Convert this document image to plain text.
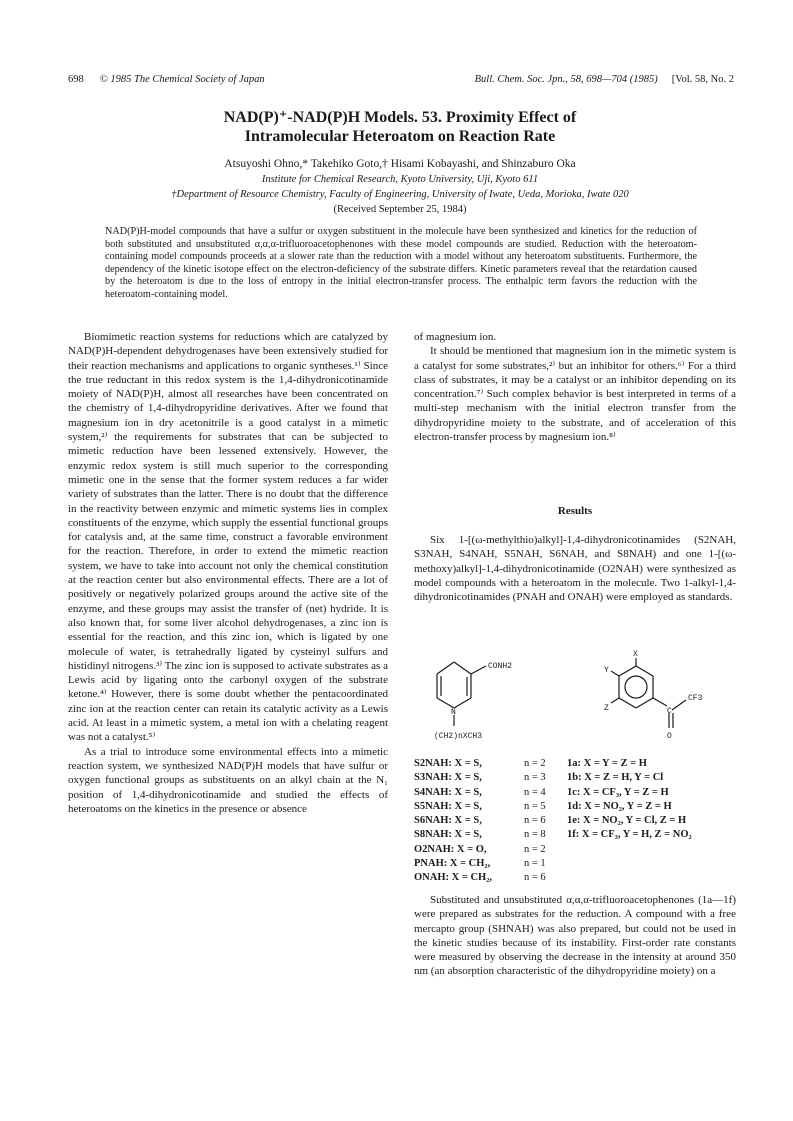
698 © 1985 The Chemical Society of Japan	Bull. Chem. Soc. Jpn., 58, 698—704 (1985) [Vol. 58, No. 2
NAD(P)⁺-NAD(P)H Models. 53. Proximity Effect of
Intramolecular Heteroatom on Reaction Rate
Atsuyoshi Ohno,* Takehiko Goto,† Hisami Kobayashi, and Shinzaburo Oka
Institute for Chemical Research, Kyoto University, Uji, Kyoto 611
†Department of Resource Chemistry, Faculty of Engineering, University of Iwate, Ueda, Morioka, Iwate 020
(Received September 25, 1984)
NAD(P)H-model compounds that have a sulfur or oxygen substituent in the molecule have been synthesized and kinetics for the reduction of both substituted and unsubstituted α,α,α-trifluoroacetophenones with these model compounds are studied. Reduction with the heteroatom-containing model compounds proceeds at a slower rate than the reduction with a model without any heteroatom substituents. Furthermore, the dependency of the kinetic isotope effect on the electron-deficiency of the substrate differs. Kinetic parameters reveal that the retardation caused by the heteroatom is due to the loss of entropy in the initial electron-transfer process. The enthalpic term favors the reduction with the heteroatom-containing model.

Biomimetic reaction systems for reductions which are catalyzed by NAD(P)H-dependent dehydrogenases have been extensively studied for their reaction mechanisms and applications to organic syntheses.¹⁾ Since the true reductant in this redox system is the 1,4-dihydronicotinamide moiety of NAD(P)H, almost all researches have been concentrated on the chemistry of 1,4-dihydropyridine derivatives. After we found that magnesium ion in dry acetonitrile is a good catalyst in a mimetic system,²⁾ the requirements for substrates that can be subjected to mimetic reduction have been lessened extensively. However, the enzymic redox system is still much superior to the corresponding mimetic one in the sense that the former system reduces a far wider variety of substrates than the latter. There is no doubt that the difference in the reactivity between enzymic and mimetic systems lies in complex constituents of the enzyme, which supply the essential functional groups for catalysis and, at the same time, construct a favorable environment for the reaction. Therefore, in order to extend the mimetic reaction system, we have to take into account not only the chemical constitution at the reaction center but also environmental effects. There are a lot of positively or negatively polarized groups around the active site of the enzyme, and these groups may assist the transfer of (net) hydride. It is also known that, for some liver alcohol dehydrogenases, a zinc ion is essential for the reaction, and this zinc ion, which is ligated by one molecule of water, is tetrahedrally ligated by cysteinyl sulfurs and histidinyl nitrogens.³⁾ The zinc ion is supposed to activate substrates as a Lewis acid by ligating onto the carbonyl oxygen of the substrate ketone.⁴⁾ However, there is some doubt whether the pentacoordinated zinc ion at the reaction center can retain its catalytic activity as a Lewis acid. At least in a mimetic system, a metal ion with a chelating reagent was not a catalyst.⁵⁾

As a trial to introduce some environmental effects into a mimetic reaction system, we synthesized NAD(P)H models that have sulfur or oxygen functional groups as substituents on an alkyl chain at the N₁ position of 1,4-dihydronicotinamide and studied the effects of heteroatoms on the kinetics in the presence or absence

of magnesium ion.

It should be mentioned that magnesium ion in the mimetic system is a catalyst for some substrates,²⁾ but an inhibitor for others.⁶⁾ For a third class of substrates, it may be a catalyst or an inhibitor depending on its concentration.⁷⁾ Such complex behavior is best interpreted in terms of a multi-step mechanism with the initial electron transfer from the dihydropyridine moiety to the substrate, and of acceleration of this electron-transfer process by magnesium ion.⁸⁾

Results

Six 1-[(ω-methylthio)alkyl]-1,4-dihydronicotinamides (S2NAH, S3NAH, S4NAH, S5NAH, S6NAH, and S8NAH) and one 1-[(ω-methoxy)alkyl]-1,4-dihydronicotinamide (O2NAH) were synthesized as model compounds with a heteroatom in the molecule. Two 1-alkyl-1,4-dihydronicotinamides (PNAH and ONAH) were employed as standards.

CONH2
N
(CH2)nXCH3
X
Y
Z
CF3
C
O
S2NAH: X = S,	n = 2 1a: X = Y = Z = H
S3NAH: X = S,	n = 3 1b: X = Z = H, Y = Cl
S4NAH: X = S,	n = 4 1c: X = CF₃, Y = Z = H
S5NAH: X = S,	n = 5 1d: X = NO₂, Y = Z = H
S6NAH: X = S,	n = 6 1e: X = NO₂, Y = Cl, Z = H
S8NAH: X = S,	n = 8 1f: X = CF₃, Y = H, Z = NO₂
O2NAH: X = O,	n = 2
PNAH: X = CH₂,	n = 1
ONAH: X = CH₂,	n = 6

Substituted and unsubstituted α,α,α-trifluoroacetophenones (1a—1f) were prepared as substrates for the reduction. A compound with a free mercapto group (SHNAH) was also prepared, but could not be used in the kinetic studies because of its instability. First-order rate constants were measured by observing the decrease in the intensity at around 350 nm (an absorption characteristic of the dihydropyridine moiety) on a
